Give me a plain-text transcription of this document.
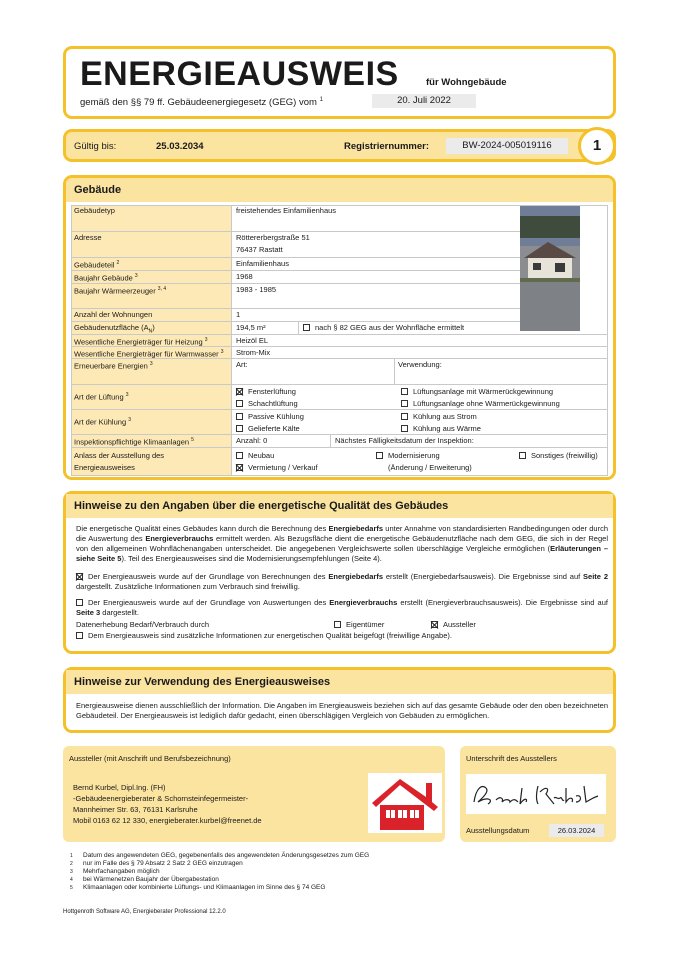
ENERGIEAUSWEIS	für Wohngebäude
gemäß den §§ 79 ff. Gebäudeenergiegesetz (GEG) vom $^1$	20. Juli 2022
Gültig bis:	25.03.2034	Registriernummer:	BW-2024-005019116	1
Gebäude
Gebäudetyp	freistehendes Einfamilienhaus
Adresse	Röttererbergstraße 51
76437 Rastatt
Gebäudeteil $^2$	Einfamilienhaus
Baujahr Gebäude $^3$	1968
Baujahr Wärmeerzeuger $^{3, 4}$	1983 - 1985
Anzahl der Wohnungen	1
Gebäudenutzfläche $(A_N)$	194,5 m²	nach § 82 GEG aus der Wohnfläche ermittelt
Wesentliche Energieträger für Heizung $^3$	Heizöl EL
Wesentliche Energieträger für Warmwasser $^3$	Strom-Mix
Erneuerbare Energien $^3$	Art:	Verwendung:
Art der Lüftung $^3$	Fensterlüftung	Lüftungsanlage mit Wärmerückgewinnung
Schachtlüftung	Lüftungsanlage ohne Wärmerückgewinnung
Art der Kühlung $^3$	Passive Kühlung	Kühlung aus Strom
Gelieferte Kälte	Kühlung aus Wärme
Inspektionspflichtige Klimaanlagen $^5$	Anzahl: 0	Nächstes Fälligkeitsdatum der Inspektion:
Anlass der Ausstellung des
Energieausweises
Neubau	Modernisierung	Sonstiges (freiwillig)
Vermietung / Verkauf	(Änderung / Erweiterung)
Hinweise zu den Angaben über die energetische Qualität des Gebäudes
Die energetische Qualität eines Gebäudes kann durch die Berechnung des Energiebedarfs unter Annahme von standardisierten Randbedingungen oder durch die Auswertung des Energieverbrauchs ermittelt werden. Als Bezugsfläche dient die energetische Gebäudenutzfläche nach dem GEG, die sich in der Regel von den allgemeinen Wohnflächenangaben unterscheidet. Die angegebenen Vergleichswerte sollen überschlägige Vergleiche ermöglichen (Erläuterungen – siehe Seite 5). Teil des Energieausweises sind die Modernisierungsempfehlungen (Seite 4).
Der Energieausweis wurde auf der Grundlage von Berechnungen des Energiebedarfs erstellt (Energiebedarfsausweis). Die Ergebnisse sind auf Seite 2 dargestellt. Zusätzliche Informationen zum Verbrauch sind freiwillig.
Der Energieausweis wurde auf der Grundlage von Auswertungen des Energieverbrauchs erstellt (Energieverbrauchsausweis). Die Ergebnisse sind auf Seite 3 dargestellt.
Datenerhebung Bedarf/Verbrauch durch	Eigentümer	Aussteller
Dem Energieausweis sind zusätzliche Informationen zur energetischen Qualität beigefügt (freiwillige Angabe).
Hinweise zur Verwendung des Energieausweises
Energieausweise dienen ausschließlich der Information. Die Angaben im Energieausweis beziehen sich auf das gesamte Gebäude oder den oben bezeichneten Gebäudeteil. Der Energieausweis ist lediglich dafür gedacht, einen überschlägigen Vergleich von Gebäuden zu ermöglichen.
Aussteller (mit Anschrift und Berufsbezeichnung)
Bernd Kurbel, Dipl.Ing. (FH)
-Gebäudeenergieberater & Schornsteinfegermeister-
Mannheimer Str. 63, 76131 Karlsruhe
Mobil 0163 62 12 330, energieberater.kurbel@freenet.de
Unterschrift des Ausstellers
Ausstellungsdatum	26.03.2024
1	Datum des angewendeten GEG, gegebenenfalls des angewendeten Änderungsgesetzes zum GEG
2	nur im Falle des § 79 Absatz 2 Satz 2 GEG einzutragen
3	Mehrfachangaben möglich
4	bei Wärmenetzen Baujahr der Übergabestation
5	Klimaanlagen oder kombinierte Lüftungs- und Klimaanlagen im Sinne des § 74 GEG
Hottgenroth Software AG, Energieberater Professional 12.2.0
